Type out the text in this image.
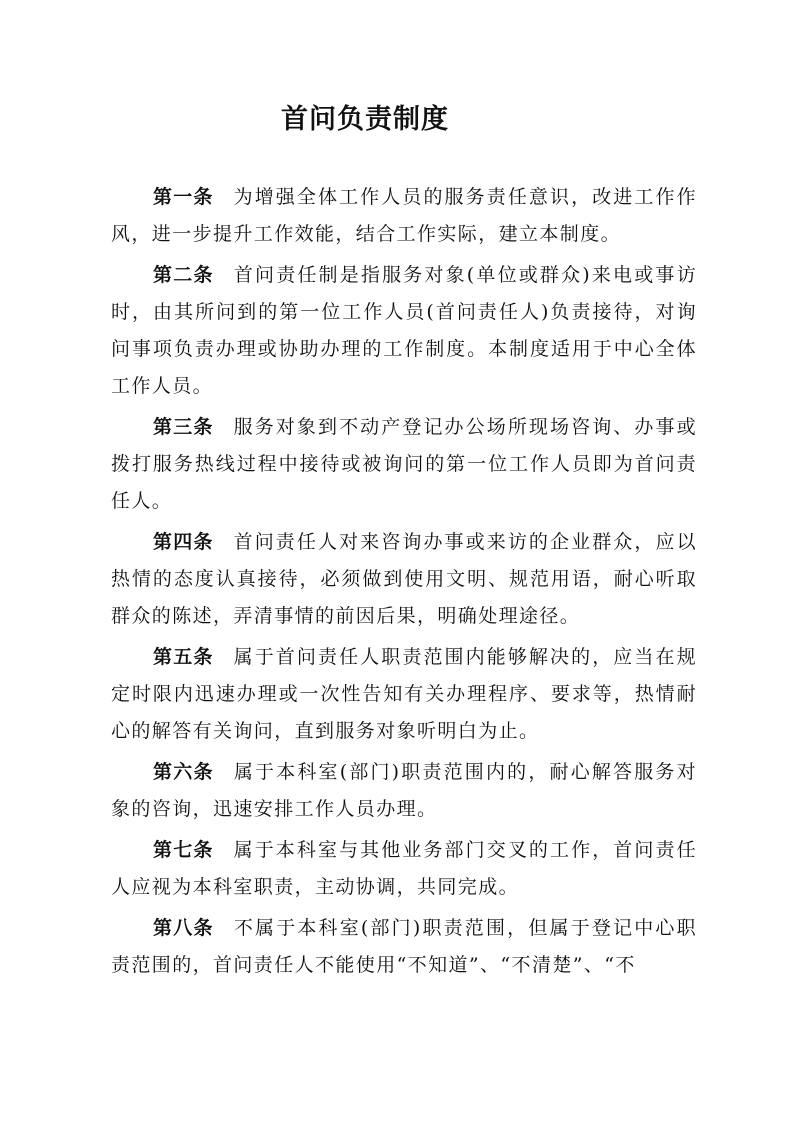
首问负责制度

第一条 为增强全体工作人员的服务责任意识，改进工作作风，进一步提升工作效能，结合工作实际，建立本制度。

第二条 首问责任制是指服务对象(单位或群众)来电或事访时，由其所问到的第一位工作人员(首问责任人)负责接待，对询问事项负责办理或协助办理的工作制度。本制度适用于中心全体工作人员。

第三条 服务对象到不动产登记办公场所现场咨询、办事或拨打服务热线过程中接待或被询问的第一位工作人员即为首问责任人。

第四条 首问责任人对来咨询办事或来访的企业群众，应以热情的态度认真接待，必须做到使用文明、规范用语，耐心听取群众的陈述，弄清事情的前因后果，明确处理途径。

第五条 属于首问责任人职责范围内能够解决的，应当在规定时限内迅速办理或一次性告知有关办理程序、要求等，热情耐心的解答有关询问，直到服务对象听明白为止。

第六条 属于本科室(部门)职责范围内的，耐心解答服务对象的咨询，迅速安排工作人员办理。

第七条 属于本科室与其他业务部门交叉的工作，首问责任人应视为本科室职责，主动协调，共同完成。

第八条 不属于本科室(部门)职责范围，但属于登记中心职责范围的，首问责任人不能使用“不知道”、“不清楚”、“不
